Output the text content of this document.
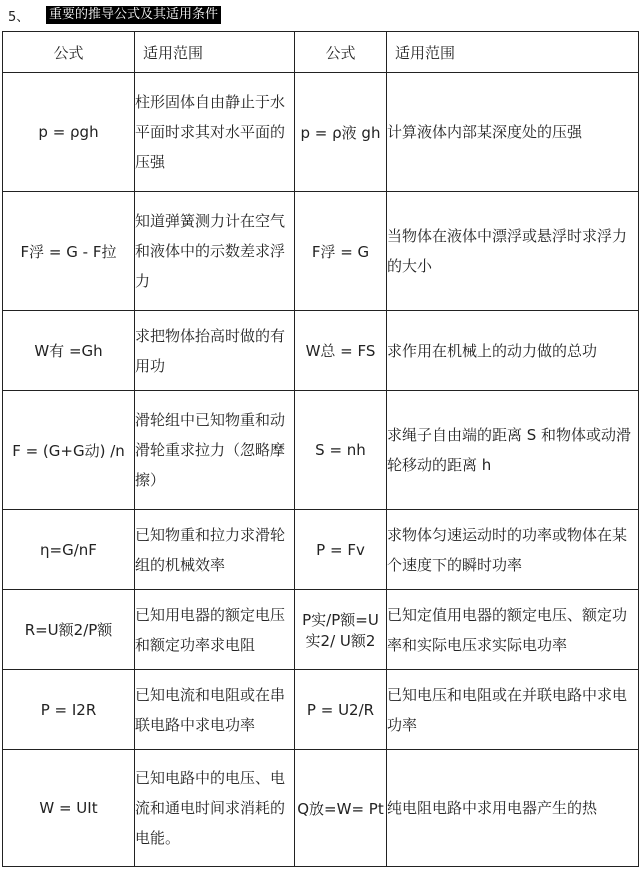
5、	重要的推导公式及其适用条件
公式	适用范围	公式	适用范围
p = ρgh	柱形固体自由静止于水平面时求其对水平面的压强	p = ρ液 gh	计算液体内部某深度处的压强
F浮 = G - F拉	知道弹簧测力计在空气和液体中的示数差求浮力	F浮 = G	当物体在液体中漂浮或悬浮时求浮力的大小
W有 =Gh	求把物体抬高时做的有用功	W总 = FS	求作用在机械上的动力做的总功
F = (G+G动) /n	滑轮组中已知物重和动滑轮重求拉力（忽略摩擦）	S = nh	求绳子自由端的距离 S 和物体或动滑轮移动的距离 h
η=G/nF	已知物重和拉力求滑轮组的机械效率	P = Fv	求物体匀速运动时的功率或物体在某个速度下的瞬时功率
R=U额2/P额	已知用电器的额定电压和额定功率求电阻	P实/P额=U实2/ U额2	已知定值用电器的额定电压、额定功率和实际电压求实际电功率
P = I2R	已知电流和电阻或在串联电路中求电功率	P = U2/R	已知电压和电阻或在并联电路中求电功率
W = UIt	已知电路中的电压、电流和通电时间求消耗的电能。	Q放=W= Pt	纯电阻电路中求用电器产生的热
